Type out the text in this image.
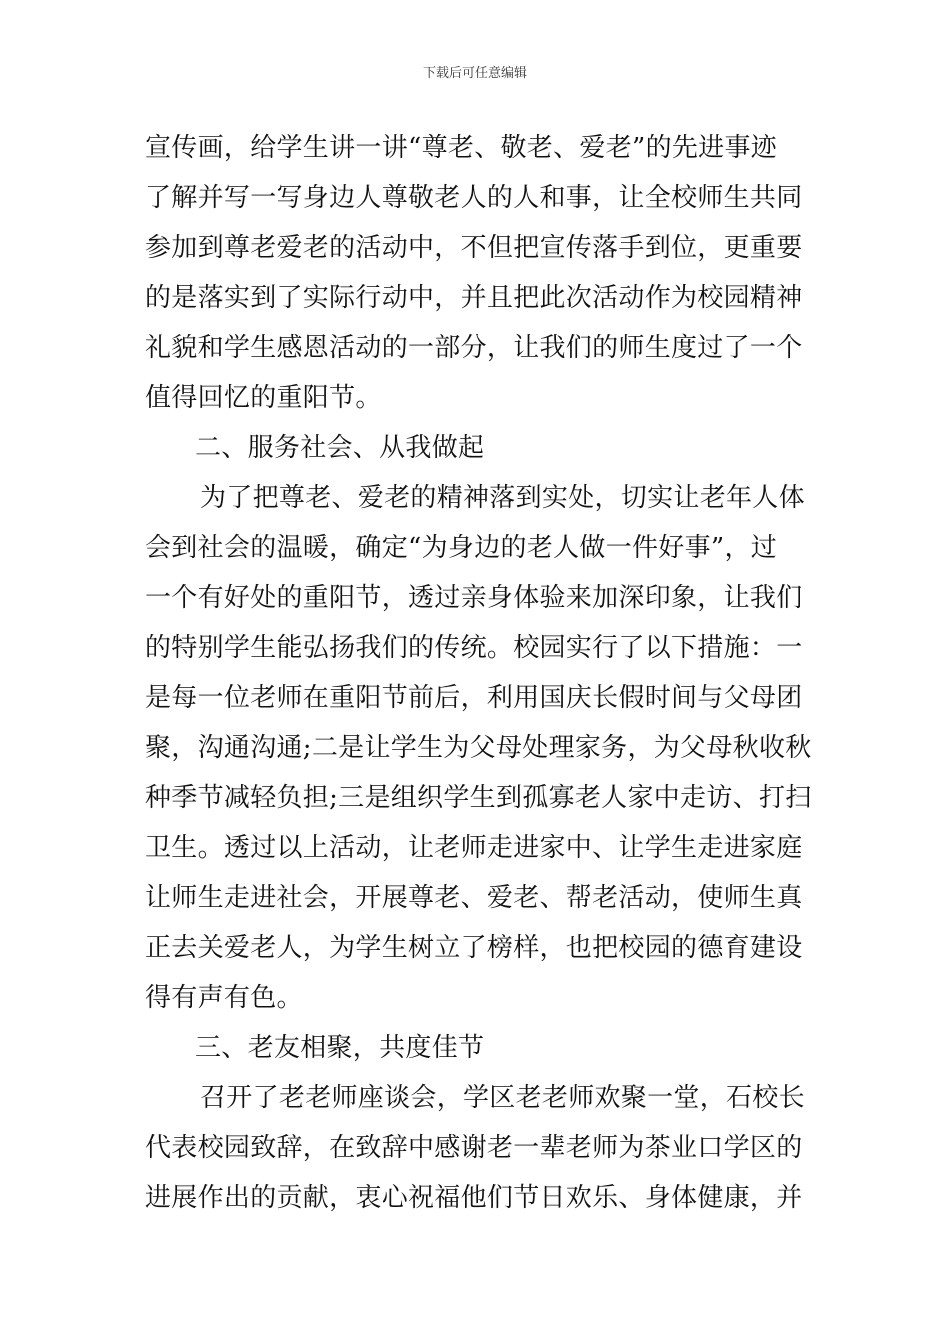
下载后可任意编辑
宣传画，给学生讲一讲“尊老、敬老、爱老”的先进事迹
了解并写一写身边人尊敬老人的人和事，让全校师生共同
参加到尊老爱老的活动中，不但把宣传落手到位，更重要
的是落实到了实际行动中，并且把此次活动作为校园精神
礼貌和学生感恩活动的一部分，让我们的师生度过了一个
值得回忆的重阳节。
二、服务社会、从我做起
为了把尊老、爱老的精神落到实处，切实让老年人体
会到社会的温暖，确定“为身边的老人做一件好事”，过
一个有好处的重阳节，透过亲身体验来加深印象，让我们
的特别学生能弘扬我们的传统。校园实行了以下措施：一
是每一位老师在重阳节前后，利用国庆长假时间与父母团
聚，沟通沟通;二是让学生为父母处理家务，为父母秋收秋
种季节减轻负担;三是组织学生到孤寡老人家中走访、打扫
卫生。透过以上活动，让老师走进家中、让学生走进家庭
让师生走进社会，开展尊老、爱老、帮老活动，使师生真
正去关爱老人，为学生树立了榜样，也把校园的德育建设
得有声有色。
三、老友相聚，共度佳节
召开了老老师座谈会，学区老老师欢聚一堂，石校长
代表校园致辞，在致辞中感谢老一辈老师为茶业口学区的
进展作出的贡献，衷心祝福他们节日欢乐、身体健康，并
